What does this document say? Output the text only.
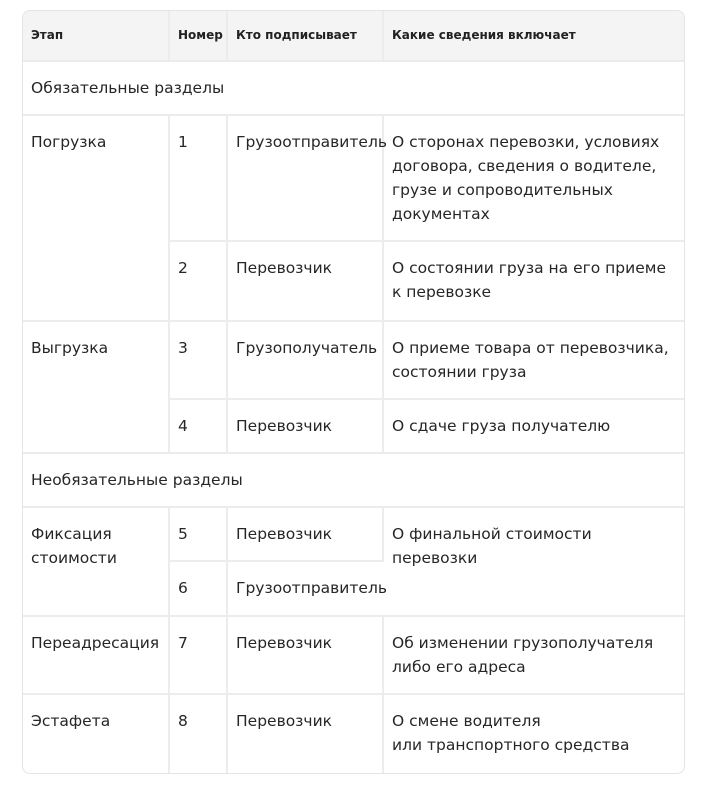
Этап	Номер	Кто подписывает	Какие сведения включает
Обязательные разделы			
Погрузка	1	Грузоотправитель	О сторонах перевозки, условиях договора, сведения о водителе, грузе и сопроводительных документах
	2	Перевозчик	О состоянии груза на его приеме
к перевозке
Выгрузка	3	Грузополучатель	О приеме товара от перевозчика, состоянии груза
	4	Перевозчик	О сдаче груза получателю
Необязательные разделы			
Фиксация стоимости	5	Перевозчик	О финальной стоимости перевозки
	6	Грузоотправитель	
Переадресация	7	Перевозчик	Об изменении грузополучателя либо его адреса
Эстафета	8	Перевозчик	О смене водителя
или транспортного средства
